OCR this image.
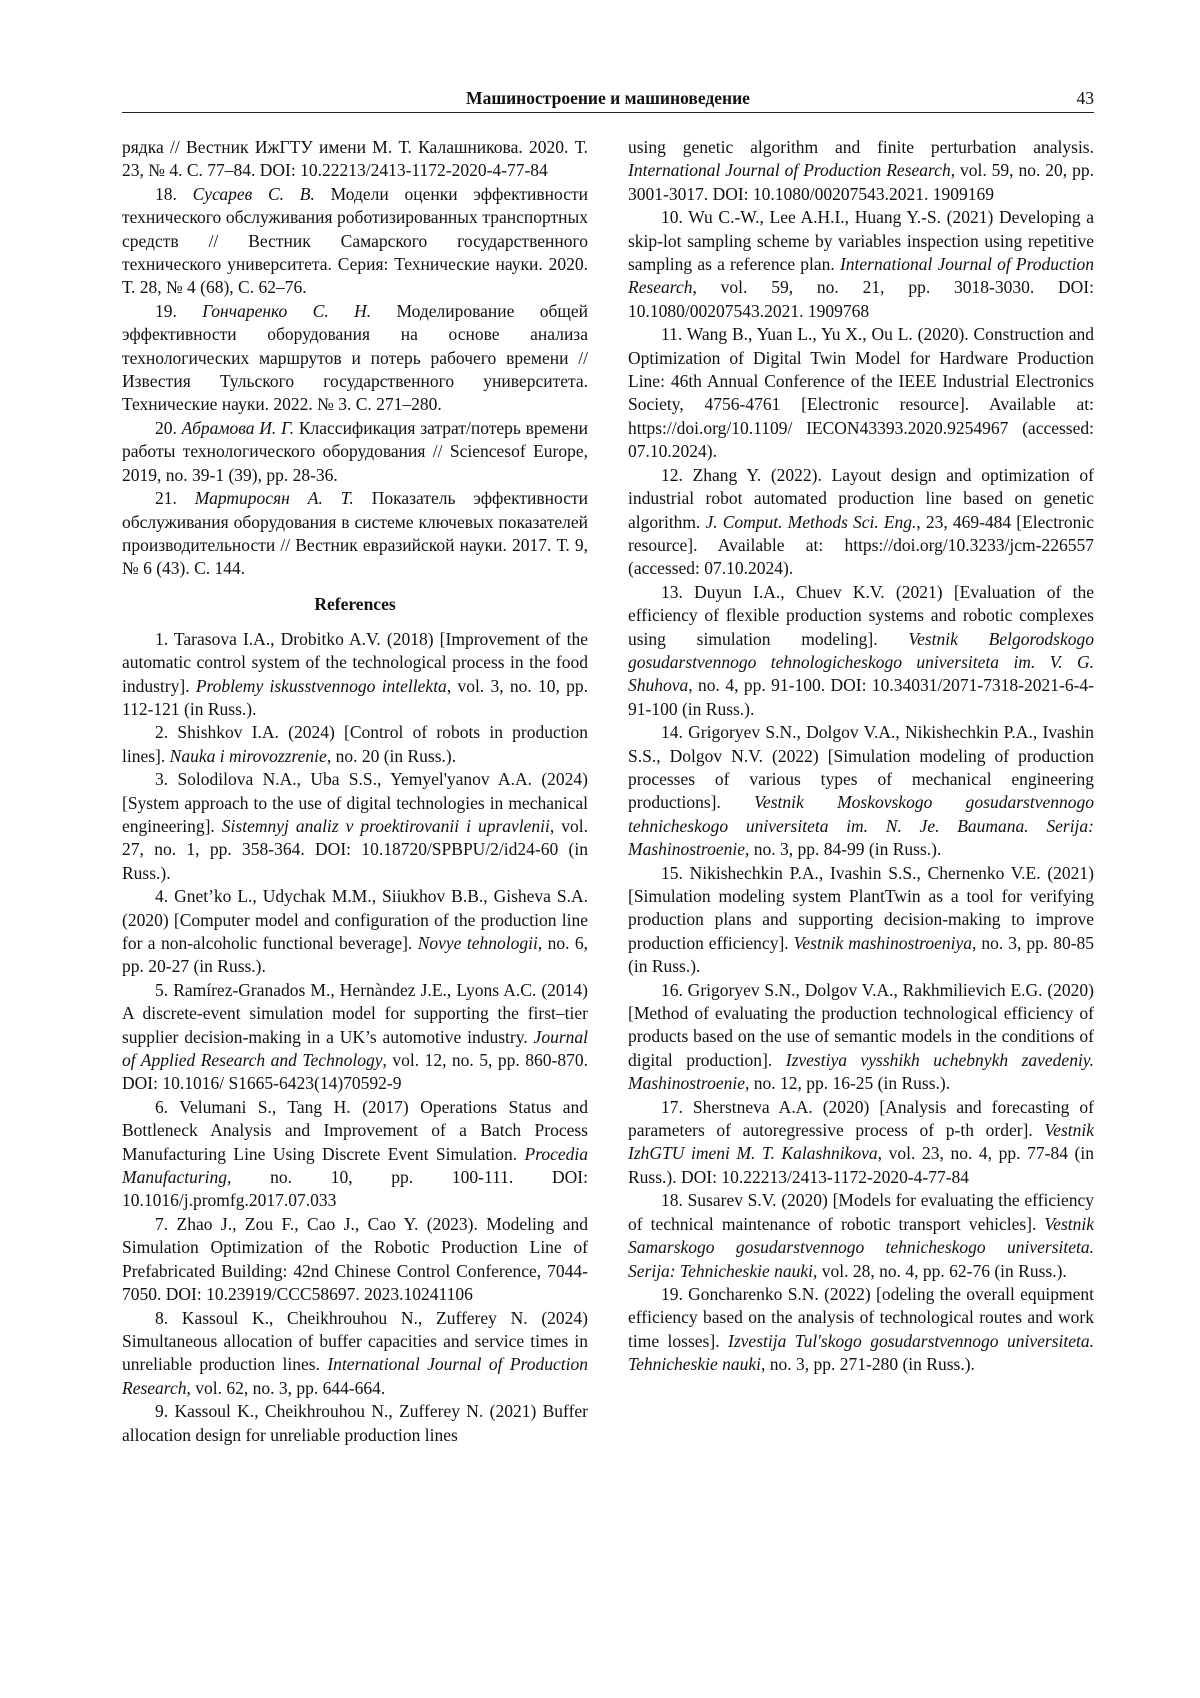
Машиностроение и машиноведение	43

рядка // Вестник ИжГТУ имени М. Т. Калашникова. 2020. Т. 23, № 4. С. 77–84. DOI: 10.22213/2413-1172-2020-4-77-84

18. Сусарев С. В. Модели оценки эффективности технического обслуживания роботизированных транспортных средств // Вестник Самарского государственного технического университета. Серия: Технические науки. 2020. Т. 28, № 4 (68), С. 62–76.

19. Гончаренко С. Н. Моделирование общей эффективности оборудования на основе анализа технологических маршрутов и потерь рабочего времени // Известия Тульского государственного университета. Технические науки. 2022. № 3. С. 271–280.

20. Абрамова И. Г. Классификация затрат/потерь времени работы технологического оборудования // Sciencesof Europe, 2019, no. 39-1 (39), pp. 28-36.

21. Мартиросян А. Т. Показатель эффективности обслуживания оборудования в системе ключевых показателей производительности // Вестник евразийской науки. 2017. Т. 9, № 6 (43). С. 144.

References

1. Tarasova I.A., Drobitko A.V. (2018) [Improvement of the automatic control system of the technological process in the food industry]. Problemy iskusstvennogo intellekta, vol. 3, no. 10, pp. 112-121 (in Russ.).

2. Shishkov I.A. (2024) [Control of robots in production lines]. Nauka i mirovozzrenie, no. 20 (in Russ.).

3. Solodilova N.A., Uba S.S., Yemyel'yanov A.A. (2024) [System approach to the use of digital technologies in mechanical engineering]. Sistemnyj analiz v proektirovanii i upravlenii, vol. 27, no. 1, pp. 358-364. DOI: 10.18720/SPBPU/2/id24-60 (in Russ.).

4. Gnet’ko L., Udychak M.M., Siiukhov B.B., Gisheva S.A. (2020) [Computer model and configuration of the production line for a non-alcoholic functional beverage]. Novye tehnologii, no. 6, pp. 20-27 (in Russ.).

5. Ramírez-Granados M., Hernàndez J.E., Lyons A.C. (2014) A discrete-event simulation model for supporting the first–tier supplier decision-making in a UK’s automotive industry. Journal of Applied Research and Technology, vol. 12, no. 5, pp. 860-870. DOI: 10.1016/ S1665-6423(14)70592-9

6. Velumani S., Tang H. (2017) Operations Status and Bottleneck Analysis and Improvement of a Batch Process Manufacturing Line Using Discrete Event Simulation. Procedia Manufacturing, no. 10, pp. 100-111. DOI: 10.1016/j.promfg.2017.07.033

7. Zhao J., Zou F., Cao J., Cao Y. (2023). Modeling and Simulation Optimization of the Robotic Production Line of Prefabricated Building: 42nd Chinese Control Conference, 7044-7050. DOI: 10.23919/CCC58697. 2023.10241106

8. Kassoul K., Cheikhrouhou N., Zufferey N. (2024) Simultaneous allocation of buffer capacities and service times in unreliable production lines. International Journal of Production Research, vol. 62, no. 3, pp. 644-664.

9. Kassoul K., Cheikhrouhou N., Zufferey N. (2021) Buffer allocation design for unreliable production lines

using genetic algorithm and finite perturbation analysis. International Journal of Production Research, vol. 59, no. 20, pp. 3001-3017. DOI: 10.1080/00207543.2021. 1909169

10. Wu C.-W., Lee A.H.I., Huang Y.-S. (2021) Developing a skip-lot sampling scheme by variables inspection using repetitive sampling as a reference plan. International Journal of Production Research, vol. 59, no. 21, pp. 3018-3030. DOI: 10.1080/00207543.2021. 1909768

11. Wang B., Yuan L., Yu X., Ou L. (2020). Construction and Optimization of Digital Twin Model for Hardware Production Line: 46th Annual Conference of the IEEE Industrial Electronics Society, 4756-4761 [Electronic resource]. Available at: https://doi.org/10.1109/ IECON43393.2020.9254967 (accessed: 07.10.2024).

12. Zhang Y. (2022). Layout design and optimization of industrial robot automated production line based on genetic algorithm. J. Comput. Methods Sci. Eng., 23, 469-484 [Electronic resource]. Available at: https://doi.org/10.3233/jcm-226557 (accessed: 07.10.2024).

13. Duyun I.A., Chuev K.V. (2021) [Evaluation of the efficiency of flexible production systems and robotic complexes using simulation modeling]. Vestnik Belgorodskogo gosudarstvennogo tehnologicheskogo universiteta im. V. G. Shuhova, no. 4, pp. 91-100. DOI: 10.34031/2071-7318-2021-6-4-91-100 (in Russ.).

14. Grigoryev S.N., Dolgov V.A., Nikishechkin P.A., Ivashin S.S., Dolgov N.V. (2022) [Simulation modeling of production processes of various types of mechanical engineering productions]. Vestnik Moskovskogo gosudarstvennogo tehnicheskogo universiteta im. N. Je. Baumana. Serija: Mashinostroenie, no. 3, pp. 84-99 (in Russ.).

15. Nikishechkin P.A., Ivashin S.S., Chernenko V.E. (2021) [Simulation modeling system PlantTwin as a tool for verifying production plans and supporting decision-making to improve production efficiency]. Vestnik mashinostroeniya, no. 3, pp. 80-85 (in Russ.).

16. Grigoryev S.N., Dolgov V.A., Rakhmilievich E.G. (2020) [Method of evaluating the production technological efficiency of products based on the use of semantic models in the conditions of digital production]. Izvestiya vysshikh uchebnykh zavedeniy. Mashinostroenie, no. 12, pp. 16-25 (in Russ.).

17. Sherstneva A.A. (2020) [Analysis and forecasting of parameters of autoregressive process of p-th order]. Vestnik IzhGTU imeni M. T. Kalashnikova, vol. 23, no. 4, pp. 77-84 (in Russ.). DOI: 10.22213/2413-1172-2020-4-77-84

18. Susarev S.V. (2020) [Models for evaluating the efficiency of technical maintenance of robotic transport vehicles]. Vestnik Samarskogo gosudarstvennogo tehnicheskogo universiteta. Serija: Tehnicheskie nauki, vol. 28, no. 4, pp. 62-76 (in Russ.).

19. Goncharenko S.N. (2022) [odeling the overall equipment efficiency based on the analysis of technological routes and work time losses]. Izvestija Tul'skogo gosudarstvennogo universiteta. Tehnicheskie nauki, no. 3, pp. 271-280 (in Russ.).
